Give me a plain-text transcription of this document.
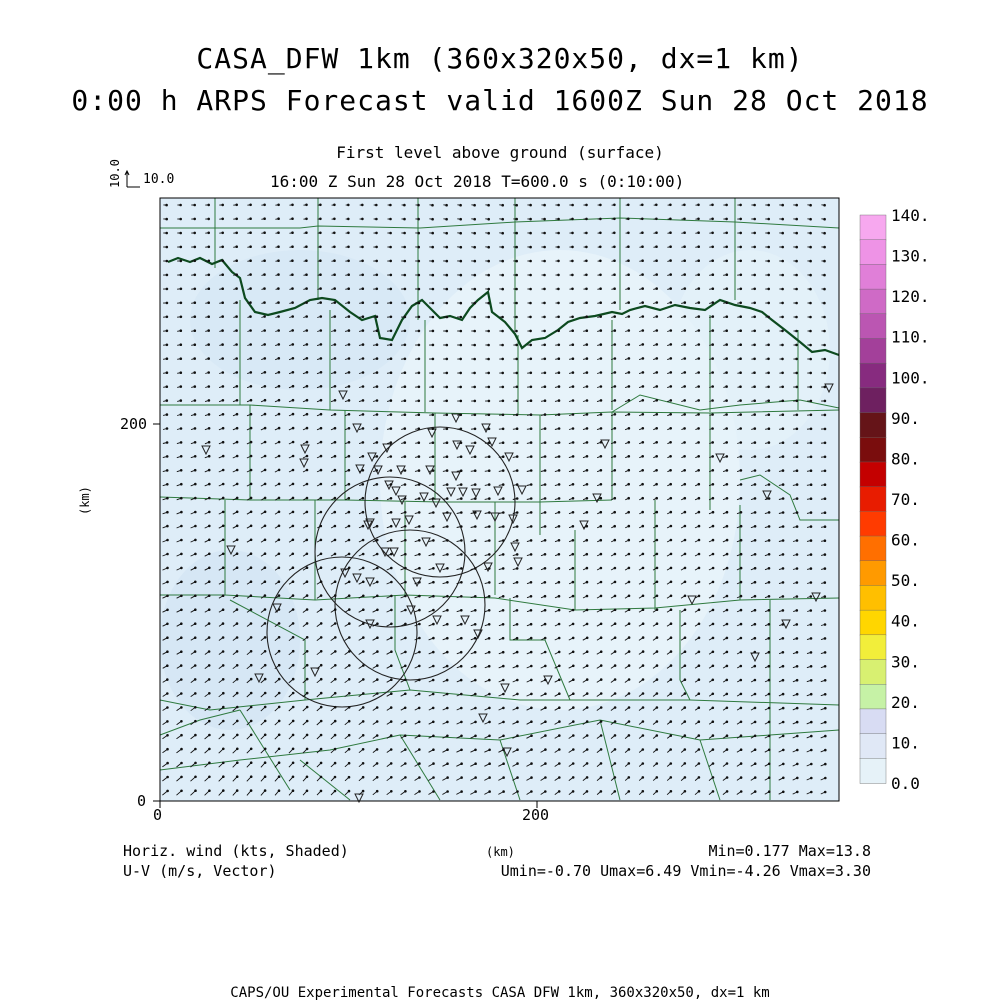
140.
130.
120.
110.
100.
90.
80.
70.
60.
50.
40.
30.
20.
10.
0.0
CASA_DFW 1km (360x320x50, dx=1 km)
0:00 h ARPS Forecast valid 1600Z Sun 28 Oct 2018
First level above ground (surface)
16:00 Z Sun 28 Oct 2018 T=600.0 s (0:10:00)
10.0 10.0
0	200
0
200
(km)
Horiz. wind (kts, Shaded)
U-V (m/s, Vector)
(km)	Min=0.177 Max=13.8
Umin=-0.70 Umax=6.49 Vmin=-4.26 Vmax=3.30
CAPS/OU Experimental Forecasts CASA DFW 1km, 360x320x50, dx=1 km
